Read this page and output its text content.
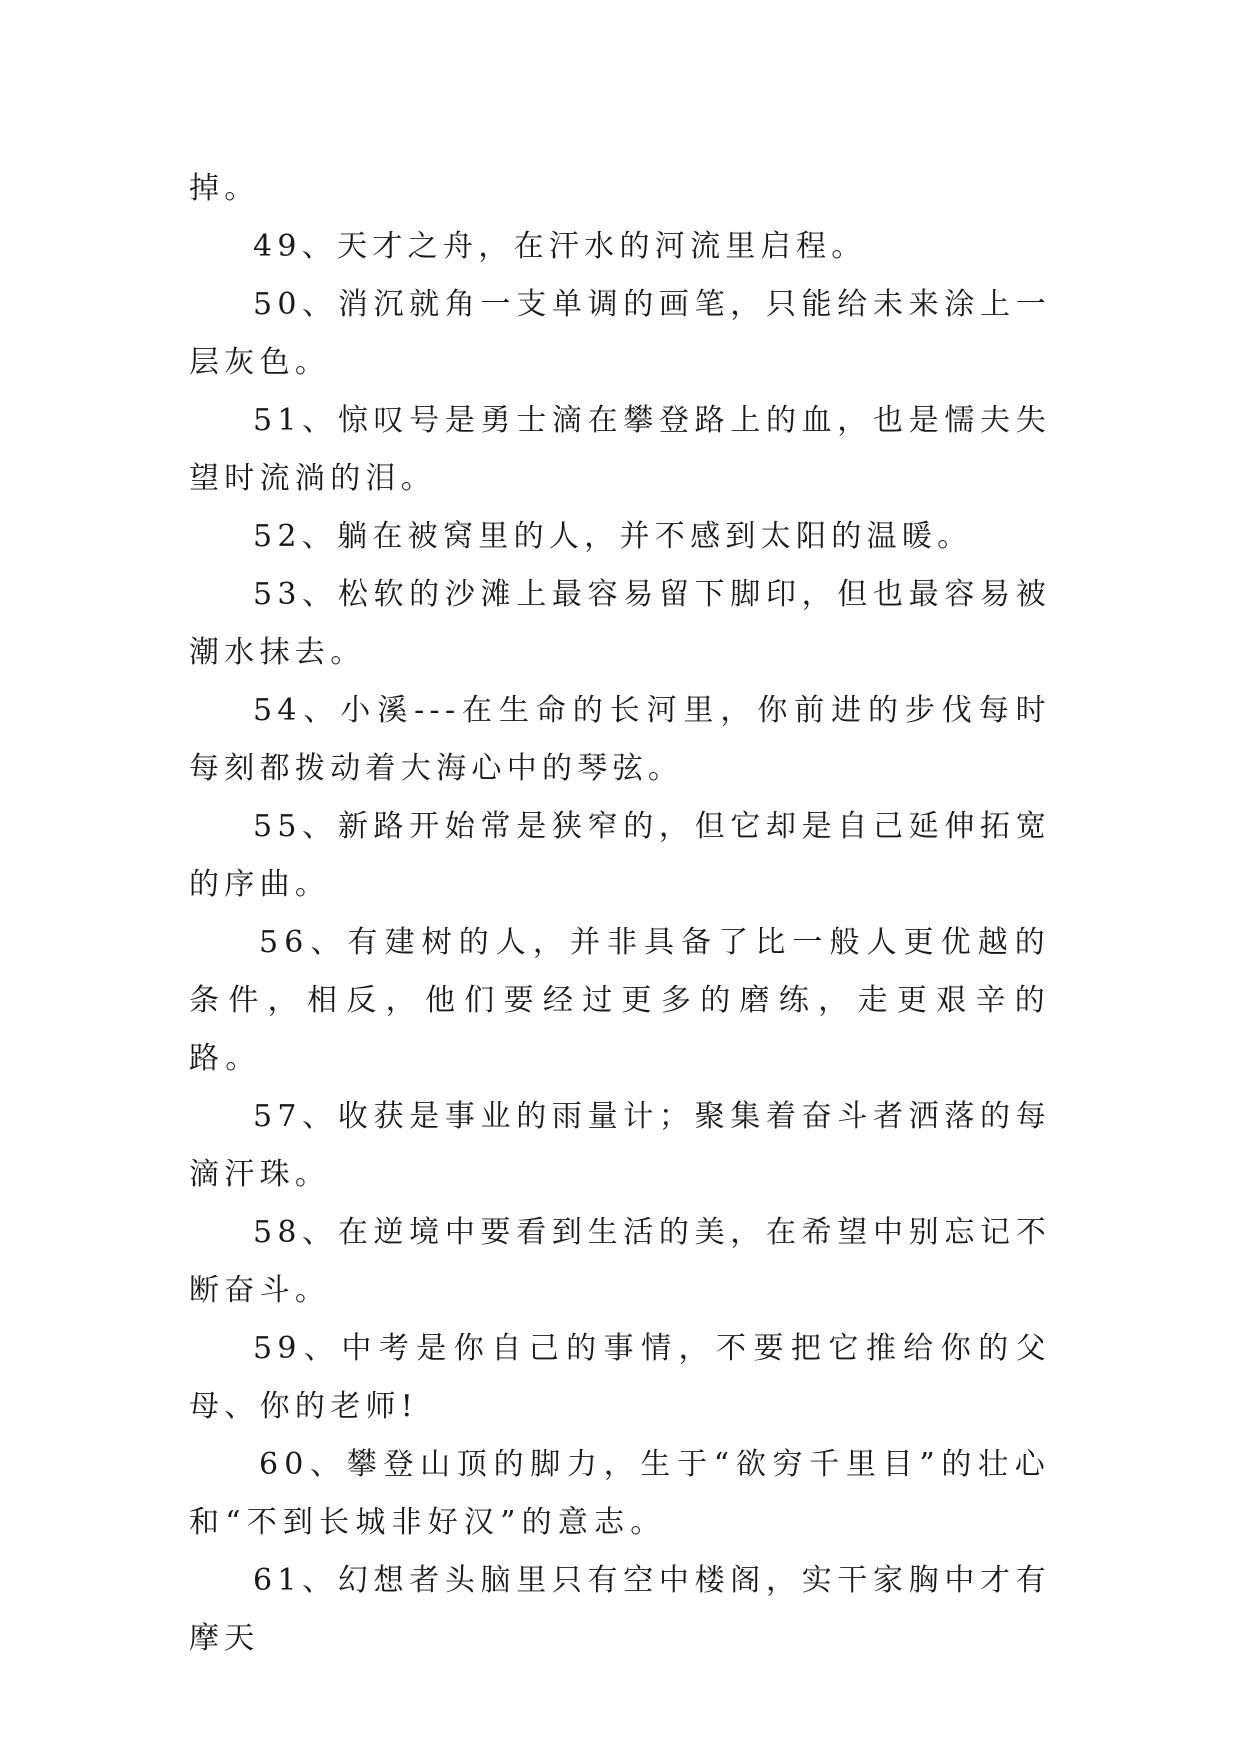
掉。

49、天才之舟，在汗水的河流里启程。

50、消沉就角一支单调的画笔，只能给未来涂上一层灰色。

51、惊叹号是勇士滴在攀登路上的血，也是懦夫失望时流淌的泪。

52、躺在被窝里的人，并不感到太阳的温暖。

53、松软的沙滩上最容易留下脚印，但也最容易被潮水抹去。

54、小溪---在生命的长河里，你前进的步伐每时每刻都拨动着大海心中的琴弦。

55、新路开始常是狭窄的，但它却是自己延伸拓宽的序曲。

56、有建树的人，并非具备了比一般人更优越的条件，相反，他们要经过更多的磨练，走更艰辛的路。

57、收获是事业的雨量计；聚集着奋斗者洒落的每滴汗珠。

58、在逆境中要看到生活的美，在希望中别忘记不断奋斗。

59、中考是你自己的事情，不要把它推给你的父母、你的老师!

60、攀登山顶的脚力，生于“欲穷千里目”的壮心和“不到长城非好汉”的意志。

61、幻想者头脑里只有空中楼阁，实干家胸中才有摩天
